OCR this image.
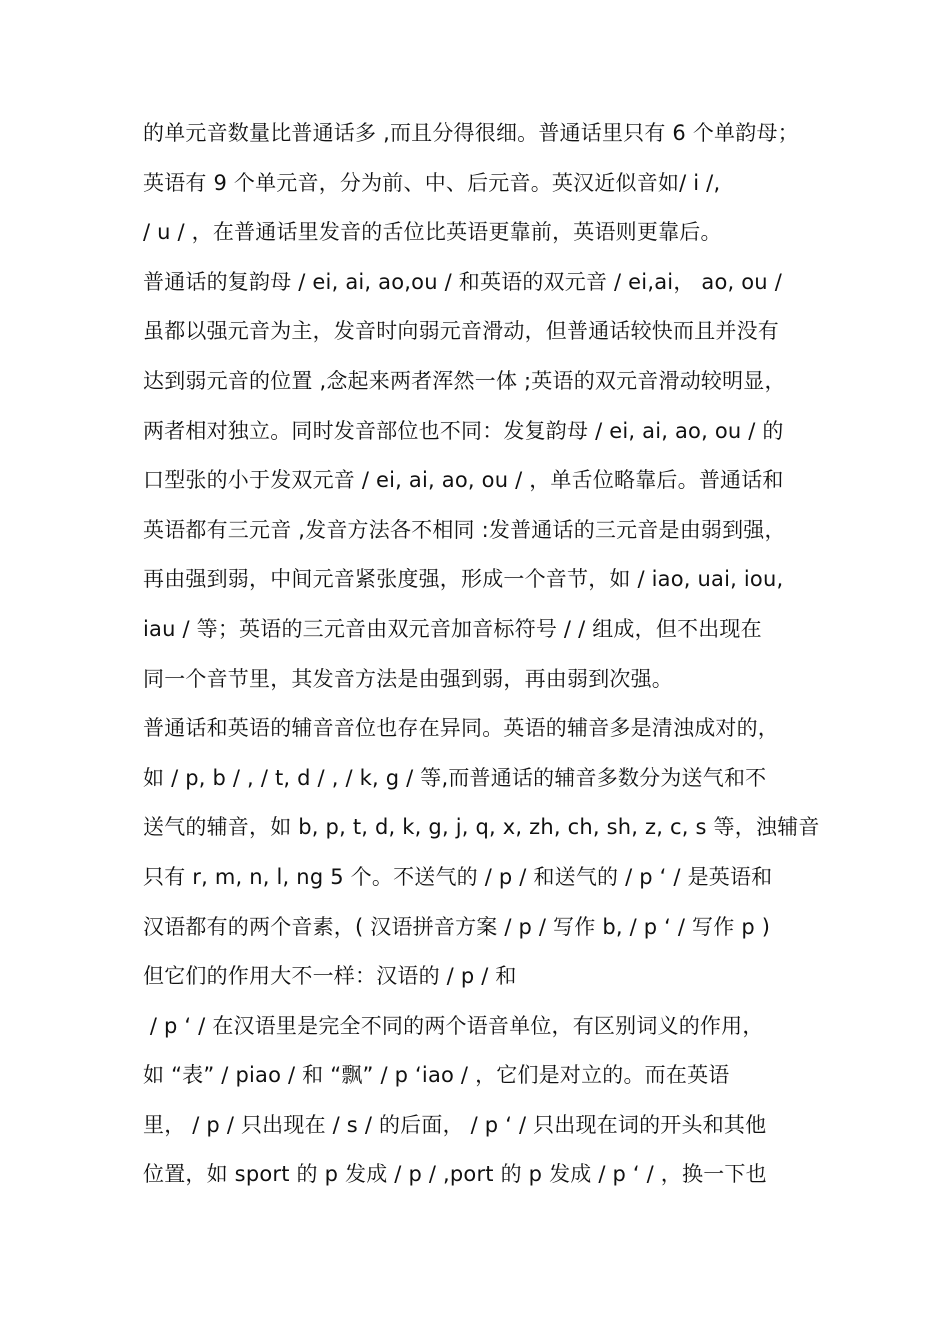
的单元音数量比普通话多 ,而且分得很细。普通话里只有 6 个单韵母；
英语有 9 个单元音，分为前、中、后元音。英汉近似音如/ i /,
/ u / ，在普通话里发音的舌位比英语更靠前，英语则更靠后。
普通话的复韵母 / ei, ai, ao,ou / 和英语的双元音 / ei,ai， ao, ou /
虽都以强元音为主，发音时向弱元音滑动，但普通话较快而且并没有
达到弱元音的位置 ,念起来两者浑然一体 ;英语的双元音滑动较明显，
两者相对独立。同时发音部位也不同：发复韵母 / ei, ai, ao, ou / 的
口型张的小于发双元音 / ei, ai, ao, ou / ，单舌位略靠后。普通话和
英语都有三元音 ,发音方法各不相同 :发普通话的三元音是由弱到强，
再由强到弱，中间元音紧张度强，形成一个音节，如 / iao, uai, iou,
iau / 等；英语的三元音由双元音加音标符号 / / 组成，但不出现在
同一个音节里，其发音方法是由强到弱，再由弱到次强。
普通话和英语的辅音音位也存在异同。英语的辅音多是清浊成对的，
如 / p, b / , / t, d / , / k, g / 等,而普通话的辅音多数分为送气和不
送气的辅音，如 b, p, t, d, k, g, j, q, x, zh, ch, sh, z, c, s 等，浊辅音
只有 r, m, n, l, ng 5 个。不送气的 / p / 和送气的 / p ‘ / 是英语和
汉语都有的两个音素，( 汉语拼音方案 / p / 写作 b, / p ‘ / 写作 p )
但它们的作用大不一样：汉语的 / p / 和
/ p ‘ / 在汉语里是完全不同的两个语音单位，有区别词义的作用，
如 “表” / piao / 和 “飘” / p ‘iao / ，它们是对立的。而在英语
里， / p / 只出现在 / s / 的后面， / p ‘ / 只出现在词的开头和其他
位置，如 sport 的 p 发成 / p / ,port 的 p 发成 / p ‘ / ，换一下也
